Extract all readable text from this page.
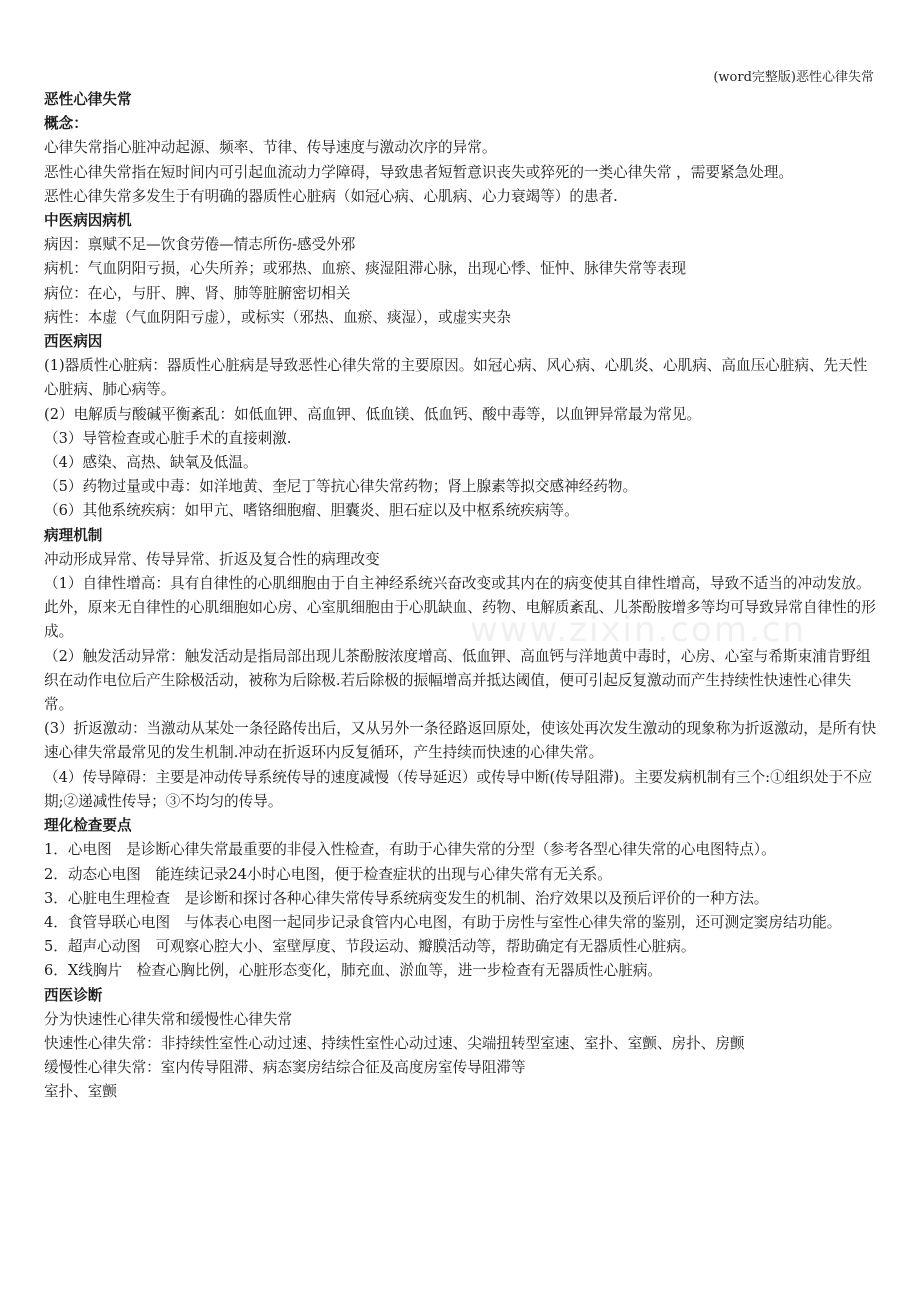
www.zixin.com.cn
(word完整版)恶性心律失常

恶性心律失常

概念：

心律失常指心脏冲动起源、频率、节律、传导速度与激动次序的异常。

恶性心律失常指在短时间内可引起血流动力学障碍，导致患者短暂意识丧失或猝死的一类心律失常 ，需要紧急处理。

恶性心律失常多发生于有明确的器质性心脏病（如冠心病、心肌病、心力衰竭等）的患者.

中医病因病机

病因：禀赋不足—饮食劳倦—情志所伤-感受外邪

病机：气血阴阳亏损，心失所养；或邪热、血瘀、痰湿阻滞心脉，出现心悸、怔忡、脉律失常等表现

病位：在心，与肝、脾、肾、肺等脏腑密切相关

病性：本虚（气血阴阳亏虚），或标实（邪热、血瘀、痰湿），或虚实夹杂

西医病因

(1)器质性心脏病：器质性心脏病是导致恶性心律失常的主要原因。如冠心病、风心病、心肌炎、心肌病、高血压心脏病、先天性心脏病、肺心病等。

(2）电解质与酸碱平衡紊乱：如低血钾、高血钾、低血镁、低血钙、酸中毒等，以血钾异常最为常见。

（3）导管检查或心脏手术的直接刺激.

（4）感染、高热、缺氧及低温。

（5）药物过量或中毒：如洋地黄、奎尼丁等抗心律失常药物；肾上腺素等拟交感神经药物。

（6）其他系统疾病：如甲亢、嗜铬细胞瘤、胆囊炎、胆石症以及中枢系统疾病等。

病理机制

冲动形成异常、传导异常、折返及复合性的病理改变

（1）自律性增高：具有自律性的心肌细胞由于自主神经系统兴奋改变或其内在的病变使其自律性增高，导致不适当的冲动发放。此外，原来无自律性的心肌细胞如心房、心室肌细胞由于心肌缺血、药物、电解质紊乱、儿茶酚胺增多等均可导致异常自律性的形成。

（2）触发活动异常：触发活动是指局部出现儿茶酚胺浓度增高、低血钾、高血钙与洋地黄中毒时，心房、心室与希斯束浦肯野组织在动作电位后产生除极活动，被称为后除极.若后除极的振幅增高并抵达阈值，便可引起反复激动而产生持续性快速性心律失常。

(3）折返激动：当激动从某处一条径路传出后，又从另外一条径路返回原处，使该处再次发生激动的现象称为折返激动，是所有快速心律失常最常见的发生机制.冲动在折返环内反复循环，产生持续而快速的心律失常。

（4）传导障碍：主要是冲动传导系统传导的速度减慢（传导延迟）或传导中断(传导阻滞)。主要发病机制有三个:①组织处于不应期;②递减性传导；③不均匀的传导。

理化检查要点

1．心电图　是诊断心律失常最重要的非侵入性检查，有助于心律失常的分型（参考各型心律失常的心电图特点）。

2．动态心电图　能连续记录24小时心电图，便于检查症状的出现与心律失常有无关系。

3．心脏电生理检查　是诊断和探讨各种心律失常传导系统病变发生的机制、治疗效果以及预后评价的一种方法。

4．食管导联心电图　与体表心电图一起同步记录食管内心电图，有助于房性与室性心律失常的鉴别，还可测定窦房结功能。

5．超声心动图　可观察心腔大小、室壁厚度、节段运动、瓣膜活动等，帮助确定有无器质性心脏病。

6．X线胸片　检查心胸比例，心脏形态变化，肺充血、淤血等，进一步检查有无器质性心脏病。

西医诊断

分为快速性心律失常和缓慢性心律失常

快速性心律失常：非持续性室性心动过速、持续性室性心动过速、尖端扭转型室速、室扑、室颤、房扑、房颤

缓慢性心律失常：室内传导阻滞、病态窦房结综合征及高度房室传导阻滞等

室扑、室颤
